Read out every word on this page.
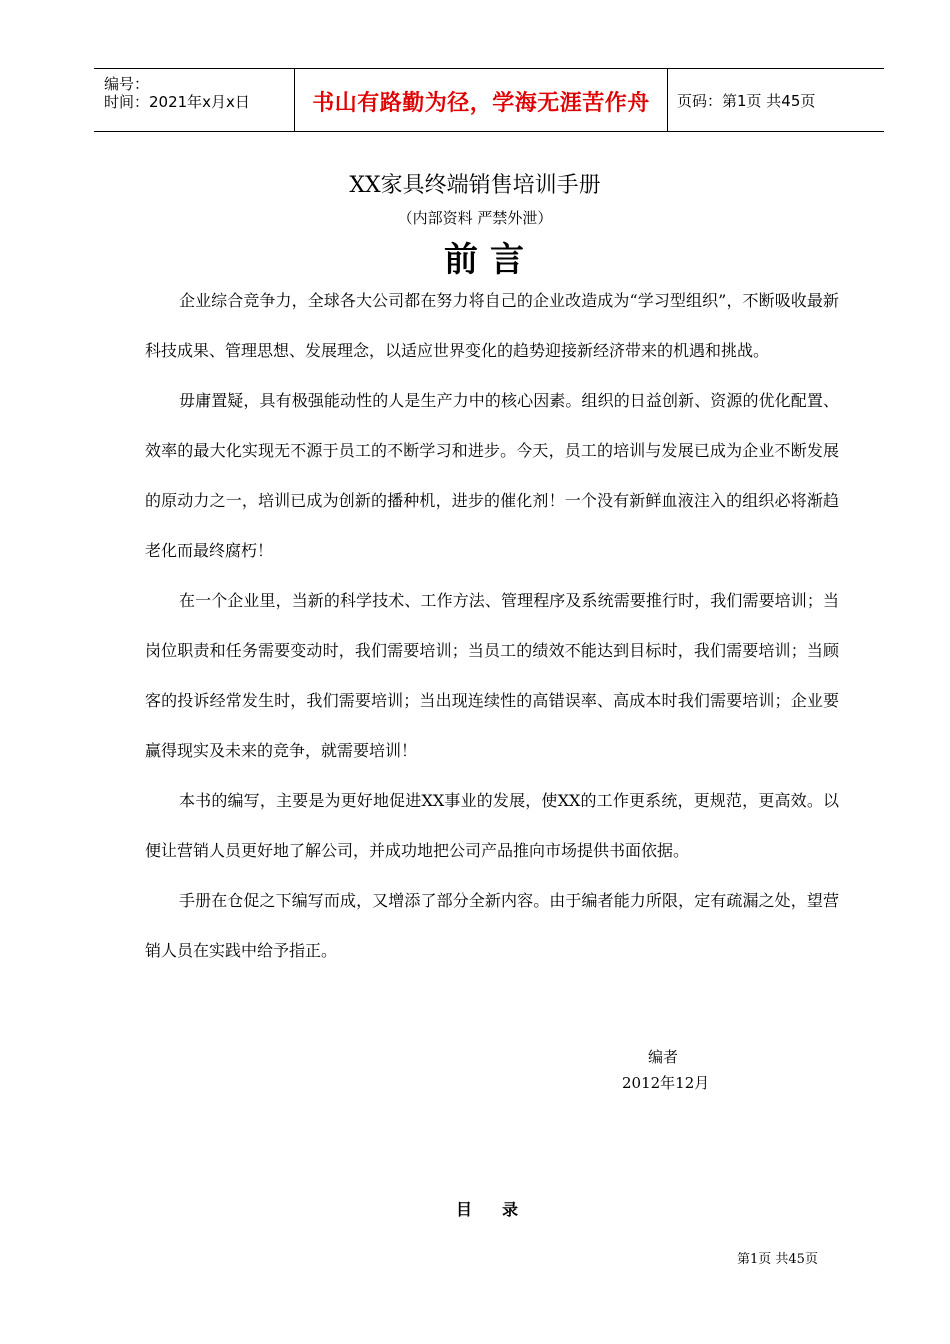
编号：
时间：2021年x月x日	书山有路勤为径，学海无涯苦作舟	页码：第1页 共45页
XX家具终端销售培训手册
（内部资料 严禁外泄）
前言

企业综合竞争力，全球各大公司都在努力将自己的企业改造成为“学习型组织”，不断吸收最新科技成果、管理思想、发展理念，以适应世界变化的趋势迎接新经济带来的机遇和挑战。

毋庸置疑，具有极强能动性的人是生产力中的核心因素。组织的日益创新、资源的优化配置、效率的最大化实现无不源于员工的不断学习和进步。今天，员工的培训与发展已成为企业不断发展的原动力之一，培训已成为创新的播种机，进步的催化剂！一个没有新鲜血液注入的组织必将渐趋老化而最终腐朽！

在一个企业里，当新的科学技术、工作方法、管理程序及系统需要推行时，我们需要培训；当岗位职责和任务需要变动时，我们需要培训；当员工的绩效不能达到目标时，我们需要培训；当顾客的投诉经常发生时，我们需要培训；当出现连续性的高错误率、高成本时我们需要培训；企业要赢得现实及未来的竞争，就需要培训！

本书的编写，主要是为更好地促进XX事业的发展，使XX的工作更系统，更规范，更高效。以便让营销人员更好地了解公司，并成功地把公司产品推向市场提供书面依据。

手册在仓促之下编写而成，又增添了部分全新内容。由于编者能力所限，定有疏漏之处，望营销人员在实践中给予指正。

编者
2012年12月
目录
第1页 共45页
